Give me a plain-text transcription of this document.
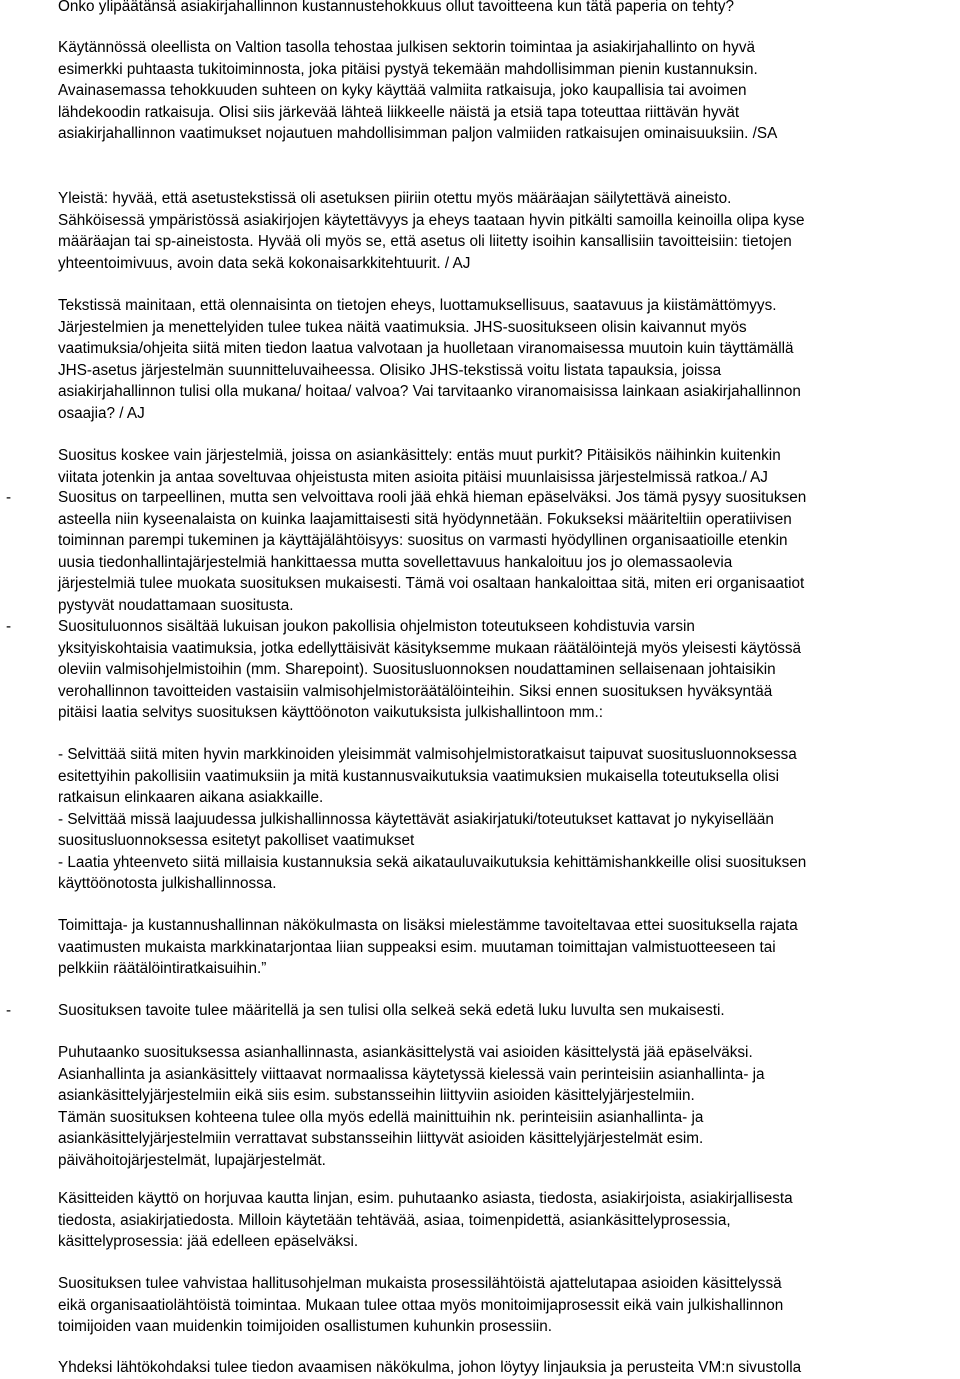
Onko ylipäätänsä asiakirjahallinnon kustannustehokkuus ollut tavoitteena kun tätä paperia on tehty?
Käytännössä oleellista on Valtion tasolla tehostaa julkisen sektorin toimintaa ja asiakirjahallinto on hyvä
esimerkki puhtaasta tukitoiminnosta, joka pitäisi pystyä tekemään mahdollisimman pienin kustannuksin.
Avainasemassa tehokkuuden suhteen on kyky käyttää valmiita ratkaisuja, joko kaupallisia tai avoimen
lähdekoodin ratkaisuja. Olisi siis järkevää lähteä liikkeelle näistä ja etsiä tapa toteuttaa riittävän hyvät
asiakirjahallinnon vaatimukset nojautuen mahdollisimman paljon valmiiden ratkaisujen ominaisuuksiin. /SA
Yleistä: hyvää, että asetustekstissä oli asetuksen piiriin otettu myös määräajan säilytettävä aineisto.
Sähköisessä ympäristössä asiakirjojen käytettävyys ja eheys taataan hyvin pitkälti samoilla keinoilla olipa kyse
määräajan tai sp-aineistosta. Hyvää oli myös se, että asetus oli liitetty isoihin kansallisiin tavoitteisiin: tietojen
yhteentoimivuus, avoin data sekä kokonaisarkkitehtuurit. / AJ
Tekstissä mainitaan, että olennaisinta on tietojen eheys, luottamuksellisuus, saatavuus ja kiistämättömyys.
Järjestelmien ja menettelyiden tulee tukea näitä vaatimuksia. JHS-suositukseen olisin kaivannut myös
vaatimuksia/ohjeita siitä miten tiedon laatua valvotaan ja huolletaan viranomaisessa muutoin kuin täyttämällä
JHS-asetus järjestelmän suunnitteluvaiheessa. Olisiko JHS-tekstissä voitu listata tapauksia, joissa
asiakirjahallinnon tulisi olla mukana/ hoitaa/ valvoa? Vai tarvitaanko viranomaisissa lainkaan asiakirjahallinnon
osaajia? / AJ
Suositus koskee vain järjestelmiä, joissa on asiankäsittely: entäs muut purkit? Pitäisikös näihinkin kuitenkin
viitata jotenkin ja antaa soveltuvaa ohjeistusta miten asioita pitäisi muunlaisissa järjestelmissä ratkoa./ AJ
-	Suositus on tarpeellinen, mutta sen velvoittava rooli jää ehkä hieman epäselväksi. Jos tämä pysyy suosituksen
asteella niin kyseenalaista on kuinka laajamittaisesti sitä hyödynnetään. Fokukseksi määriteltiin operatiivisen
toiminnan parempi tukeminen ja käyttäjälähtöisyys: suositus on varmasti hyödyllinen organisaatioille etenkin
uusia tiedonhallintajärjestelmiä hankittaessa mutta sovellettavuus hankaloituu jos jo olemassaolevia
järjestelmiä tulee muokata suosituksen mukaisesti. Tämä voi osaltaan hankaloittaa sitä, miten eri organisaatiot
pystyvät noudattamaan suositusta.
-	Suosituluonnos sisältää lukuisan joukon pakollisia ohjelmiston toteutukseen kohdistuvia varsin
yksityiskohtaisia vaatimuksia, jotka edellyttäisivät käsityksemme mukaan räätälöintejä myös yleisesti käytössä
oleviin valmisohjelmistoihin (mm. Sharepoint). Suositusluonnoksen noudattaminen sellaisenaan johtaisikin
verohallinnon tavoitteiden vastaisiin valmisohjelmistoräätälöinteihin. Siksi ennen suosituksen hyväksyntää
pitäisi laatia selvitys suosituksen käyttöönoton vaikutuksista julkishallintoon mm.:
- Selvittää siitä miten hyvin markkinoiden yleisimmät valmisohjelmistoratkaisut taipuvat suositusluonnoksessa
esitettyihin pakollisiin vaatimuksiin ja mitä kustannusvaikutuksia vaatimuksien mukaisella toteutuksella olisi
ratkaisun elinkaaren aikana asiakkaille.
- Selvittää missä laajuudessa julkishallinnossa käytettävät asiakirjatuki/toteutukset kattavat jo nykyisellään
suositusluonnoksessa esitetyt pakolliset vaatimukset
- Laatia yhteenveto siitä millaisia kustannuksia sekä aikatauluvaikutuksia kehittämishankkeille olisi suosituksen
käyttöönotosta julkishallinnossa.
Toimittaja- ja kustannushallinnan näkökulmasta on lisäksi mielestämme tavoiteltavaa ettei suosituksella rajata
vaatimusten mukaista markkinatarjontaa liian suppeaksi esim. muutaman toimittajan valmistuotteeseen tai
pelkkiin räätälöintiratkaisuihin.”
-	Suosituksen tavoite tulee määritellä ja sen tulisi olla selkeä sekä edetä luku luvulta sen mukaisesti.
Puhutaanko suosituksessa asianhallinnasta, asiankäsittelystä vai asioiden käsittelystä jää epäselväksi.
Asianhallinta ja asiankäsittely viittaavat normaalissa käytetyssä kielessä vain perinteisiin asianhallinta- ja
asiankäsittelyjärjestelmiin eikä siis esim. substansseihin liittyviin asioiden käsittelyjärjestelmiin.
Tämän suosituksen kohteena tulee olla myös edellä mainittuihin nk. perinteisiin asianhallinta- ja
asiankäsittelyjärjestelmiin verrattavat substansseihin liittyvät asioiden käsittelyjärjestelmät esim.
päivähoitojärjestelmät, lupajärjestelmät.
Käsitteiden käyttö on horjuvaa kautta linjan, esim. puhutaanko asiasta, tiedosta, asiakirjoista, asiakirjallisesta
tiedosta, asiakirjatiedosta. Milloin käytetään tehtävää, asiaa, toimenpidettä, asiankäsittelyprosessia,
käsittelyprosessia: jää edelleen epäselväksi.
Suosituksen tulee vahvistaa hallitusohjelman mukaista prosessilähtöistä ajattelutapaa asioiden käsittelyssä
eikä organisaatiolähtöistä toimintaa. Mukaan tulee ottaa myös monitoimijaprosessit eikä vain julkishallinnon
toimijoiden vaan muidenkin toimijoiden osallistumen kuhunkin prosessiin.
Yhdeksi lähtökohdaksi tulee tiedon avaamisen näkökulma, johon löytyy linjauksia ja perusteita VM:n sivustolla
